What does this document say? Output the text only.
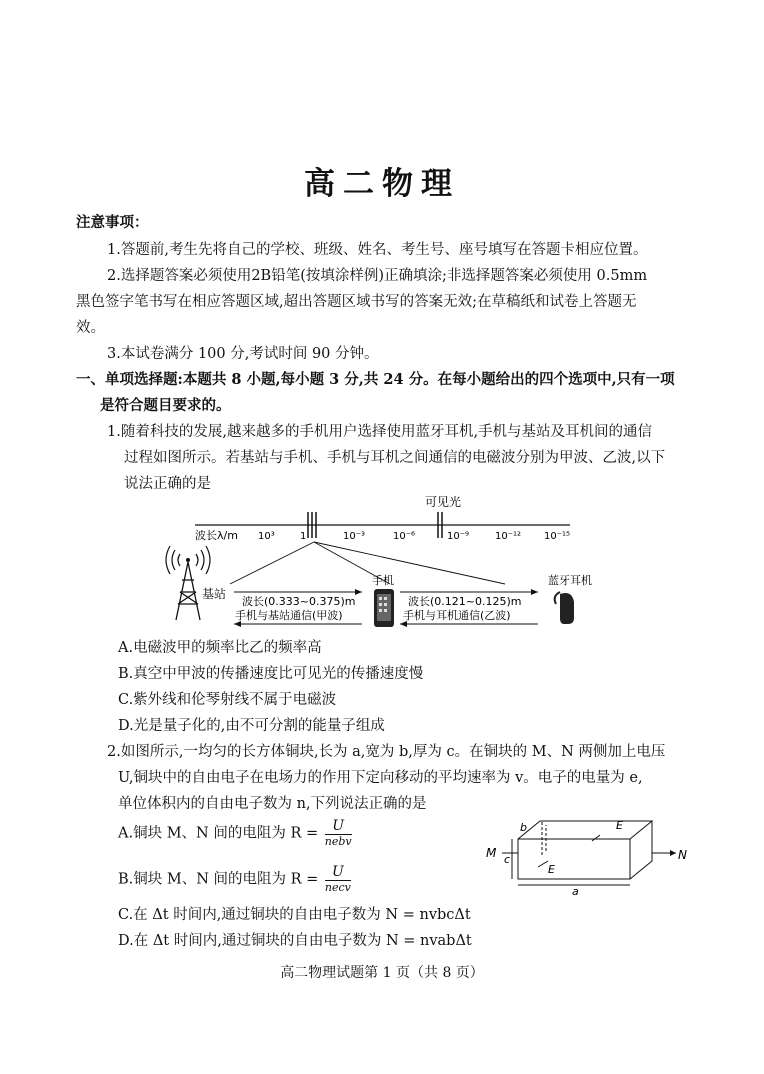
高二物理
注意事项：
1.答题前,考生先将自己的学校、班级、姓名、考生号、座号填写在答题卡相应位置。
2.选择题答案必须使用2B铅笔(按填涂样例)正确填涂;非选择题答案必须使用 0.5mm
黑色签字笔书写在相应答题区域,超出答题区域书写的答案无效;在草稿纸和试卷上答题无
效。
3.本试卷满分 100 分,考试时间 90 分钟。
一、单项选择题:本题共 8 小题,每小题 3 分,共 24 分。在每小题给出的四个选项中,只有一项
是符合题目要求的。
1.随着科技的发展,越来越多的手机用户选择使用蓝牙耳机,手机与基站及耳机间的通信
过程如图所示。若基站与手机、手机与耳机之间通信的电磁波分别为甲波、乙波,以下
说法正确的是
可见光
波长λ/m 10³	1	10⁻³	10⁻⁶	10⁻⁹	10⁻¹² 10⁻¹⁵
基站
波长(0.333~0.375)m
手机与基站通信(甲波)
手机
波长(0.121~0.125)m
手机与耳机通信(乙波)
蓝牙耳机
A.电磁波甲的频率比乙的频率高
B.真空中甲波的传播速度比可见光的传播速度慢
C.紫外线和伦琴射线不属于电磁波
D.光是量子化的,由不可分割的能量子组成
2.如图所示,一均匀的长方体铜块,长为 a,宽为 b,厚为 c。在铜块的 M、N 两侧加上电压
U,铜块中的自由电子在电场力的作用下定向移动的平均速率为 v。电子的电量为 e,
单位体积内的自由电子数为 n,下列说法正确的是
A.铜块 M、N 间的电阻为 $R = \frac{U}{\text{nebv}}$
B.铜块 M、N 间的电阻为 $R = \frac{U}{\text{necv}}$
C.在 Δt 时间内,通过铜块的自由电子数为 N = nvbcΔt
D.在 Δt 时间内,通过铜块的自由电子数为 N = nvabΔt
E
E
M	N
a
b
c
高二物理试题第 1 页（共 8 页）
